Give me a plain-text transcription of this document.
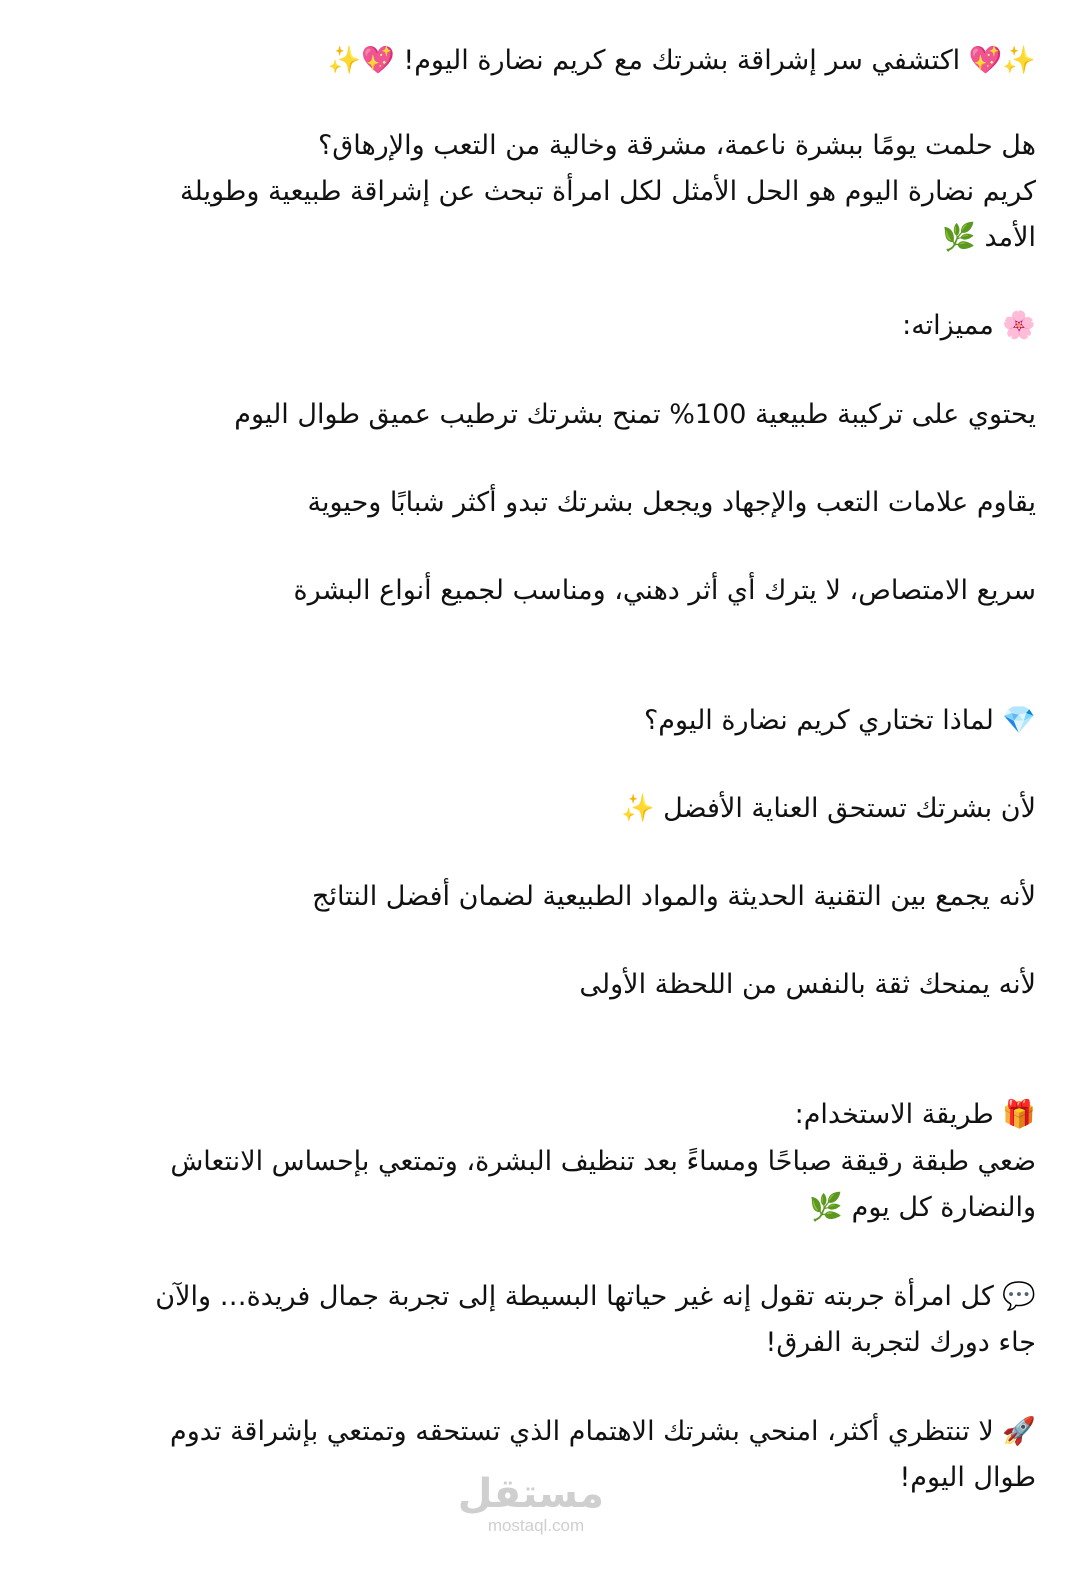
✨💖 اكتشفي سر إشراقة بشرتك مع كريم نضارة اليوم! 💖✨
هل حلمت يومًا ببشرة ناعمة، مشرقة وخالية من التعب والإرهاق؟
كريم نضارة اليوم هو الحل الأمثل لكل امرأة تبحث عن إشراقة طبيعية وطويلة
الأمد 🌿
🌸 مميزاته:
يحتوي على تركيبة طبيعية 100% تمنح بشرتك ترطيب عميق طوال اليوم
يقاوم علامات التعب والإجهاد ويجعل بشرتك تبدو أكثر شبابًا وحيوية
سريع الامتصاص، لا يترك أي أثر دهني، ومناسب لجميع أنواع البشرة
💎 لماذا تختاري كريم نضارة اليوم؟
لأن بشرتك تستحق العناية الأفضل ✨
لأنه يجمع بين التقنية الحديثة والمواد الطبيعية لضمان أفضل النتائج
لأنه يمنحك ثقة بالنفس من اللحظة الأولى
🎁 طريقة الاستخدام:
ضعي طبقة رقيقة صباحًا ومساءً بعد تنظيف البشرة، وتمتعي بإحساس الانتعاش
والنضارة كل يوم 🌿
💬 كل امرأة جربته تقول إنه غير حياتها البسيطة إلى تجربة جمال فريدة… والآن
جاء دورك لتجربة الفرق!
🚀 لا تنتظري أكثر، امنحي بشرتك الاهتمام الذي تستحقه وتمتعي بإشراقة تدوم
طوال اليوم!
مستقل
mostaql.com
